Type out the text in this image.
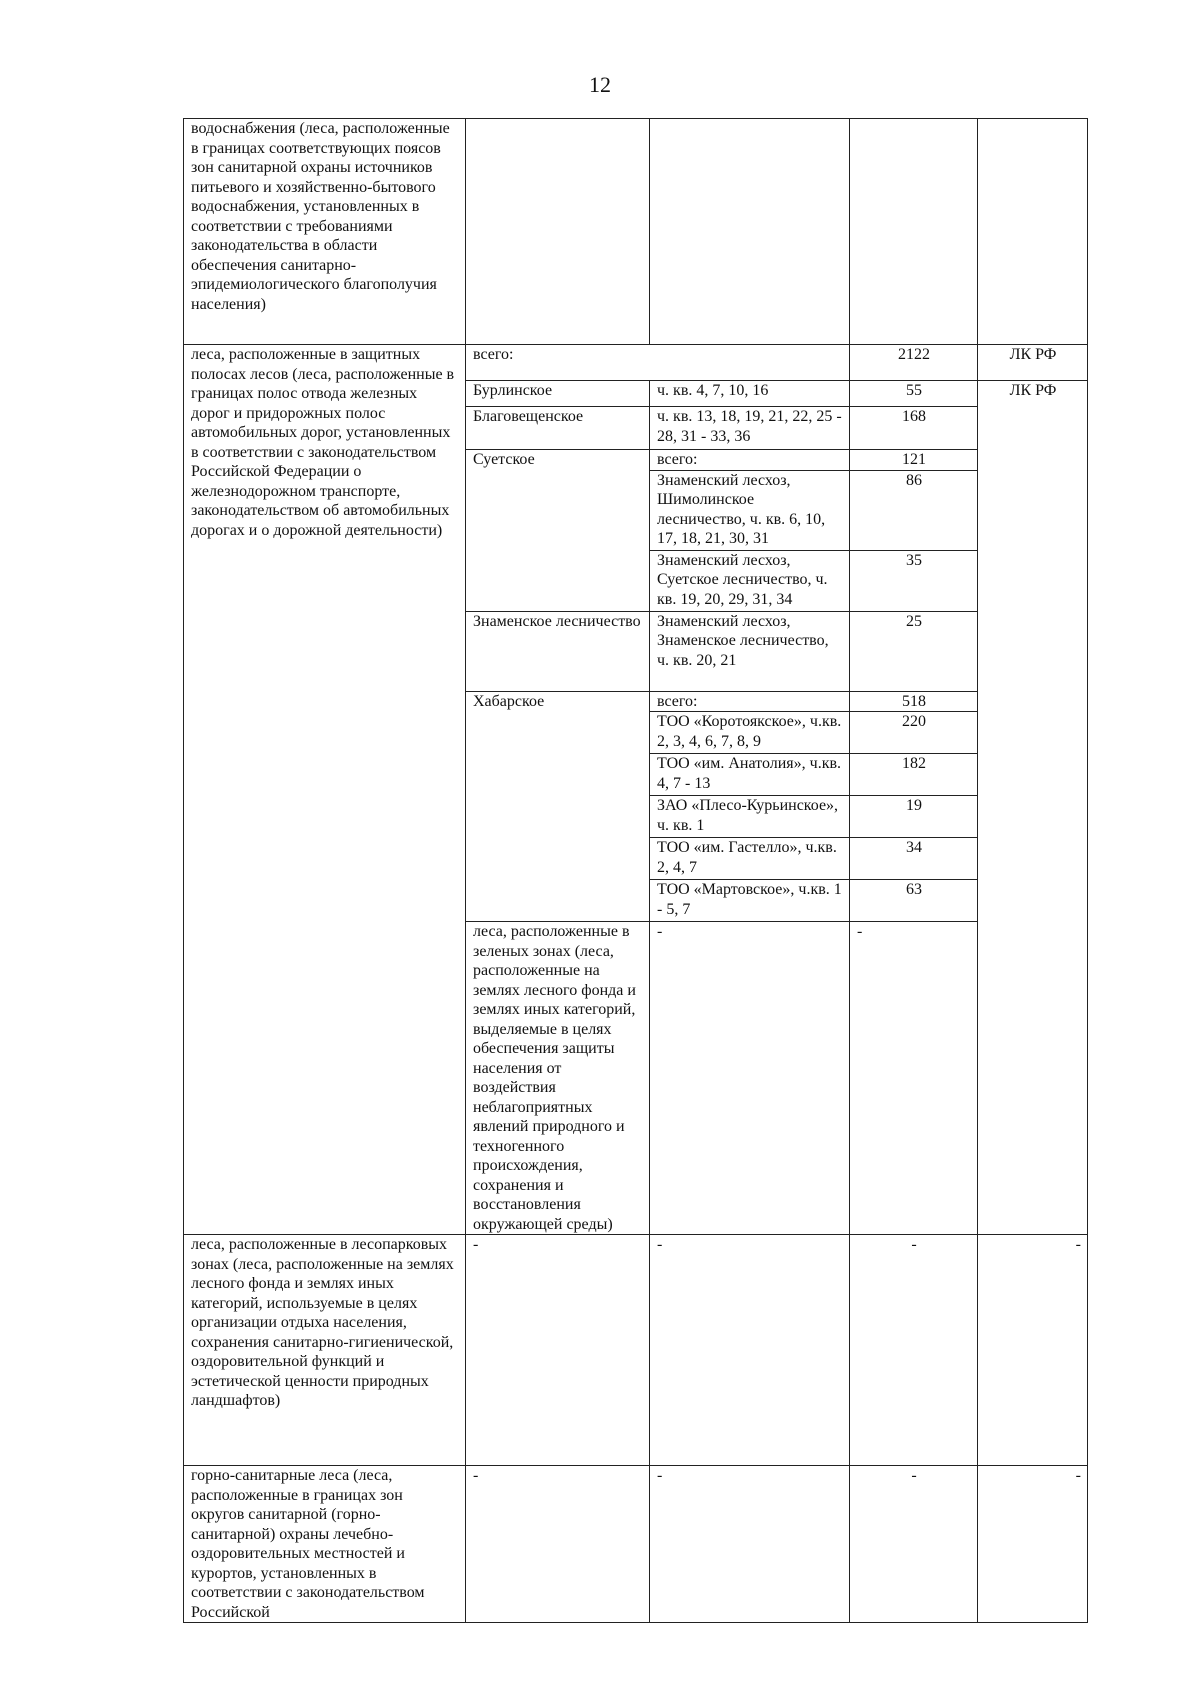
12
водоснабжения (леса, расположенные в границах соответствующих поясов зон санитарной охраны источников питьевого и хозяйственно-бытового водоснабжения, установленных в соответствии с требованиями законодательства в области обеспечения санитарно-эпидемиологического благополучия населения)					
леса, расположенные в защитных полосах лесов (леса, расположенные в границах полос отвода железных дорог и придорожных полос автомобильных дорог, установленных в соответствии с законодательством Российской Федерации о железнодорожном транспорте, законодательством об автомобильных дорогах и о дорожной деятельности)	всего:		2122	ЛК РФ	
	Бурлинское	ч. кв. 4, 7, 10, 16	55	ЛК РФ	
	Благовещенское	ч. кв. 13, 18, 19, 21, 22, 25 - 28, 31 - 33, 36	168		
	Суетское	всего:	121		
		Знаменский лесхоз, Шимолинское лесничество, ч. кв. 6, 10, 17, 18, 21, 30, 31	86		
		Знаменский лесхоз, Суетское лесничество, ч. кв. 19, 20, 29, 31, 34	35		
	Знаменское лесничество	Знаменский лесхоз, Знаменское лесничество, ч. кв. 20, 21	25		
	Хабарское	всего:	518		
		ТОО «Коротоякское», ч.кв. 2, 3, 4, 6, 7, 8, 9	220		
		ТОО «им. Анатолия», ч.кв. 4, 7 - 13	182		
		ЗАО «Плесо-Курьинское», ч. кв. 1	19		
		ТОО «им. Гастелло», ч.кв. 2, 4, 7	34		
		ТОО «Мартовское», ч.кв. 1 - 5, 7	63		
	леса, расположенные в зеленых зонах (леса, расположенные на землях лесного фонда и землях иных категорий, выделяемые в целях обеспечения защиты населения от воздействия неблагоприятных явлений природного и техногенного происхождения, сохранения и восстановления окружающей среды)	-	-		
леса, расположенные в лесопарковых зонах (леса, расположенные на землях лесного фонда и землях иных категорий, используемые в целях организации отдыха населения, сохранения санитарно-гигиенической, оздоровительной функций и эстетической ценности природных ландшафтов)	-	-	-	-	
горно-санитарные леса (леса, расположенные в границах зон округов санитарной (горно-санитарной) охраны лечебно-оздоровительных местностей и курортов, установленных в соответствии с законодательством Российской	-	-	-	-	
